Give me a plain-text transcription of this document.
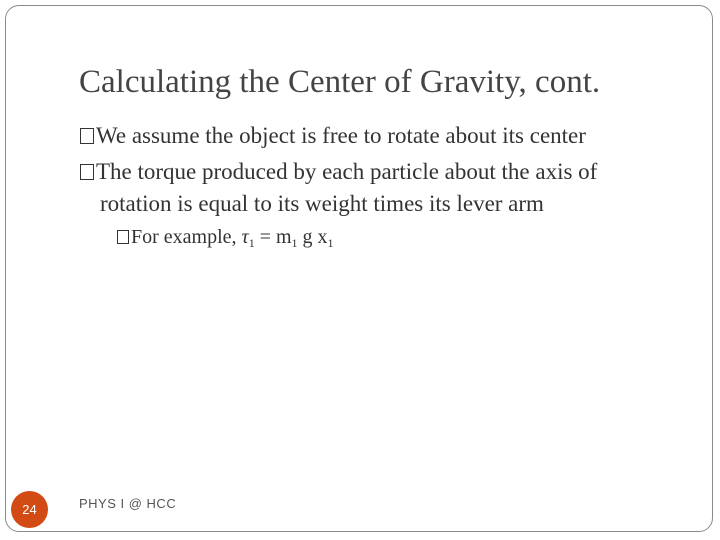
Calculating the Center of Gravity, cont.
We assume the object is free to rotate about its center
The torque produced by each particle about the axis of
rotation is equal to its weight times its lever arm
For example, $\tau_1 = m_1$ g $x_1$
24	PHYS I @ HCC
